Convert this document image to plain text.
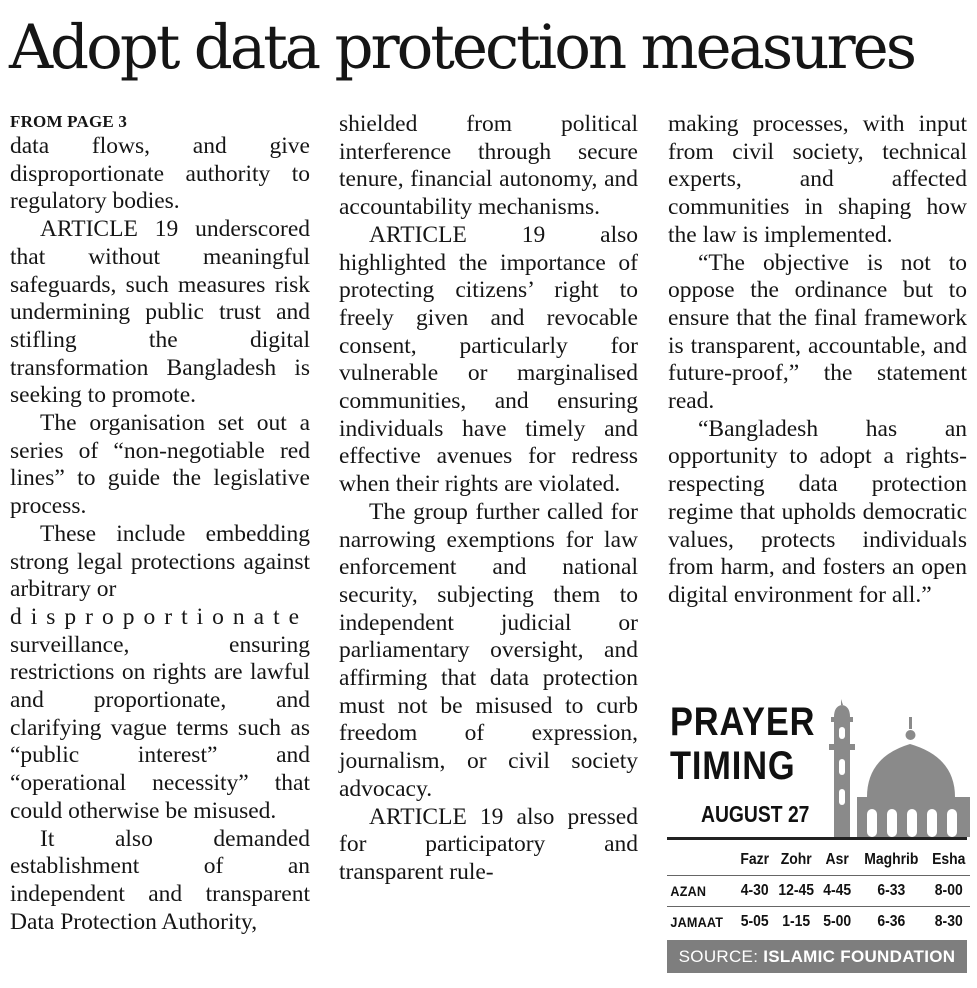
Adopt data protection measures

FROM PAGE 3

data flows, and give disproportionate authority to regulatory bodies.

ARTICLE 19 underscored that without meaningful safeguards, such measures risk undermining public trust and stifling the digital transformation Bangladesh is seeking to promote.

The organisation set out a series of “non-negotiable red lines” to guide the legislative process.

These include embedding strong legal protections against arbitrary or
disproportionate
surveillance, ensuring restrictions on rights are lawful and proportionate, and clarifying vague terms such as “public interest” and “operational necessity” that could otherwise be misused.

It also demanded establishment of an independent and transparent Data Protection Authority,

shielded from political interference through secure tenure, financial autonomy, and accountability mechanisms.

ARTICLE 19 also highlighted the importance of protecting citizens’ right to freely given and revocable consent, particularly for vulnerable or marginalised communities, and ensuring individuals have timely and effective avenues for redress when their rights are violated.

The group further called for narrowing exemptions for law enforcement and national security, subjecting them to independent judicial or parliamentary oversight, and affirming that data protection must not be misused to curb freedom of expression, journalism, or civil society advocacy.

ARTICLE 19 also pressed for participatory and transparent rule-

making processes, with input from civil society, technical experts, and affected communities in shaping how the law is implemented.

“The objective is not to oppose the ordinance but to ensure that the final framework is transparent, accountable, and future-proof,” the statement read.

“Bangladesh has an opportunity to adopt a rights-respecting data protection regime that upholds democratic values, protects individuals from harm, and fosters an open digital environment for all.”

PRAYER
TIMING
AUGUST 27
	Fazr	Zohr	Asr	Maghrib	Esha
AZAN	4-30	12-45	4-45	6-33	8-00
JAMAAT	5-05	1-15	5-00	6-36	8-30
SOURCE: ISLAMIC FOUNDATION
